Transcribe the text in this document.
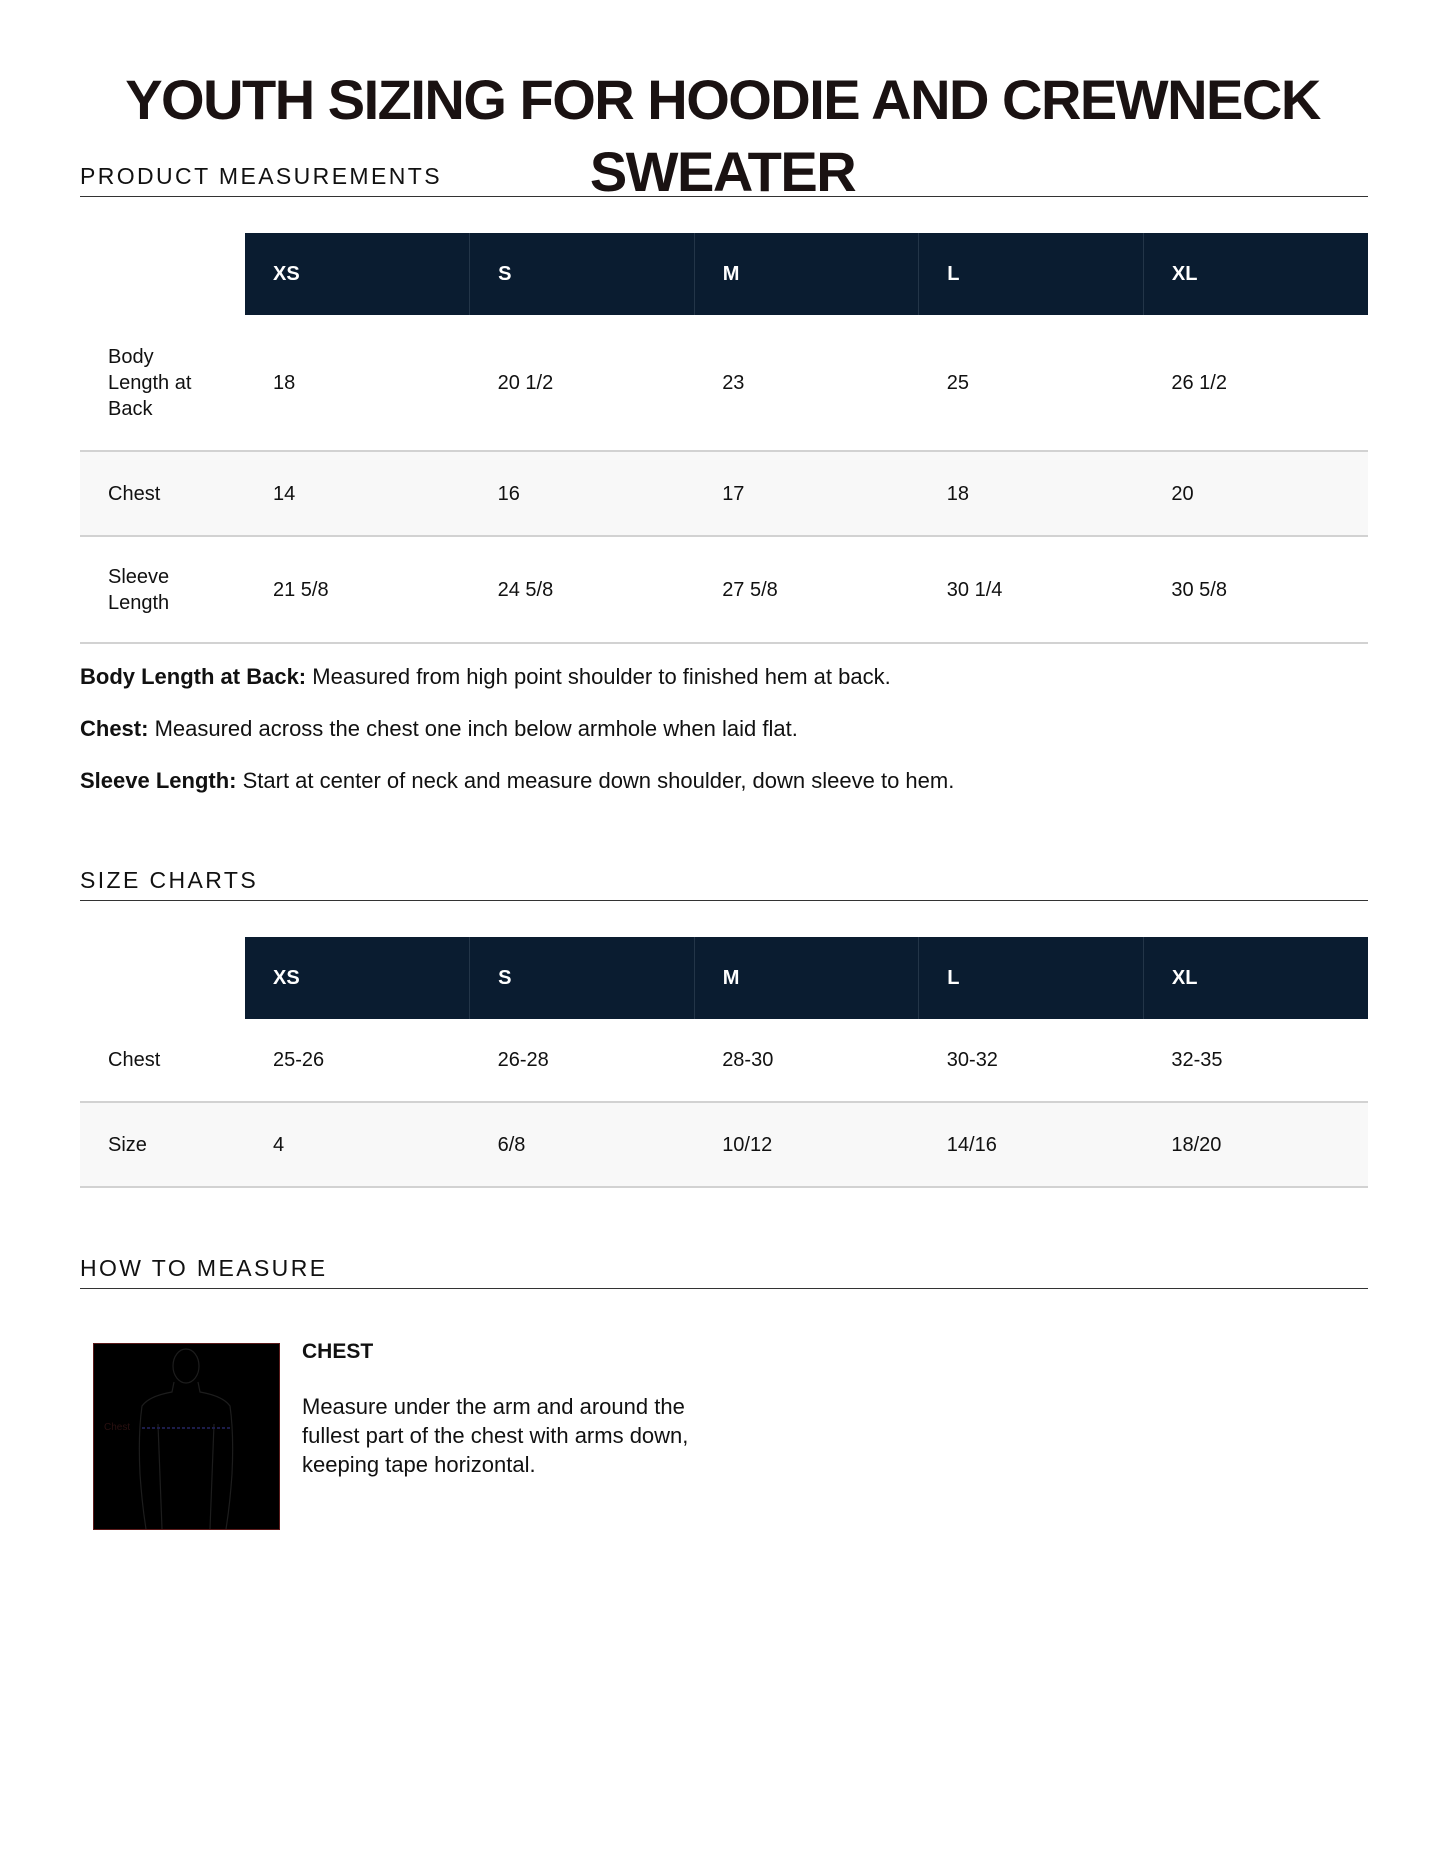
YOUTH SIZING FOR HOODIE AND CREWNECK SWEATER
PRODUCT MEASUREMENTS
	XS	S	M	L	XL

Body Length at Back	18	20 1/2	23	25	26 1/2
Chest	14	16	17	18	20

Sleeve Length	21 5/8	24 5/8	27 5/8	30 1/4	30 5/8

Body Length at Back: Measured from high point shoulder to finished hem at back.

Chest: Measured across the chest one inch below armhole when laid flat.

Sleeve Length: Start at center of neck and measure down shoulder, down sleeve to hem.

SIZE CHARTS
	XS	S	M	L	XL
Chest	25-26	26-28	28-30	30-32	32-35
Size	4	6/8	10/12	14/16	18/20
HOW TO MEASURE
Chest
CHEST
Measure under the arm and around the fullest part of the chest with arms down, keeping tape horizontal.
